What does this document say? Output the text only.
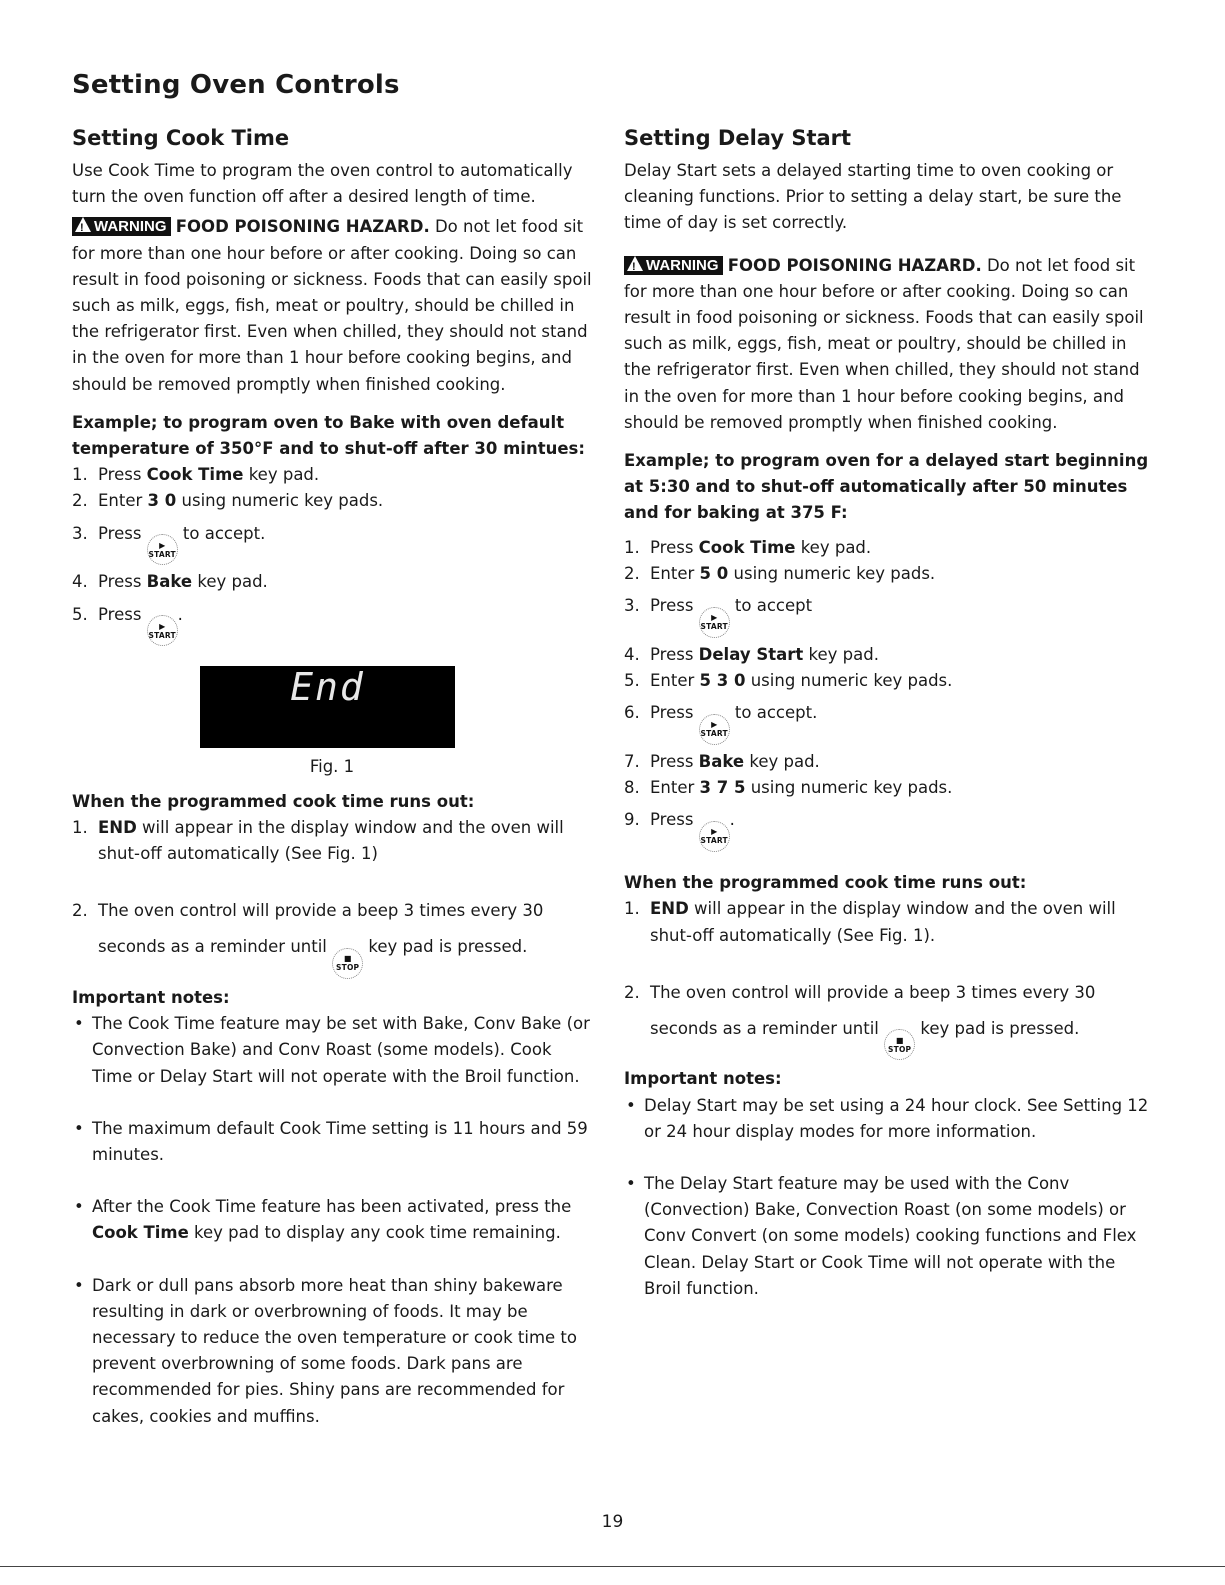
Setting Oven Controls
Setting Cook Time

Use Cook Time to program the oven control to automatically turn the oven function off after a desired length of time.

!WARNING FOOD POISONING HAZARD. Do not let food sit for more than one hour before or after cooking. Doing so can result in food poisoning or sickness. Foods that can easily spoil such as milk, eggs, fish, meat or poultry, should be chilled in the refrigerator first. Even when chilled, they should not stand in the oven for more than 1 hour before cooking begins, and should be removed promptly when finished cooking.

Example; to program oven to Bake with oven default temperature of 350°F and to shut-off after 30 mintues:

1. Press Cook Time key pad.
2. Enter 3 0 using numeric key pads.
3. Press
▶
START
to accept.
4. Press Bake key pad.
5. Press
▶
START
.
End

Fig. 1

When the programmed cook time runs out:

1. END will appear in the display window and the oven will shut-off automatically (See Fig. 1)
2. The oven control will provide a beep 3 times every 30 seconds as a reminder until
■
STOP
key pad is pressed.

Important notes:

• The Cook Time feature may be set with Bake, Conv Bake (or Convection Bake) and Conv Roast (some models). Cook Time or Delay Start will not operate with the Broil function.
• The maximum default Cook Time setting is 11 hours and 59 minutes.
• After the Cook Time feature has been activated, press the Cook Time key pad to display any cook time remaining.
• Dark or dull pans absorb more heat than shiny bakeware resulting in dark or overbrowning of foods. It may be necessary to reduce the oven temperature or cook time to prevent overbrowning of some foods. Dark pans are recommended for pies. Shiny pans are recommended for cakes, cookies and muffins.
Setting Delay Start

Delay Start sets a delayed starting time to oven cooking or cleaning functions. Prior to setting a delay start, be sure the time of day is set correctly.

!WARNING FOOD POISONING HAZARD. Do not let food sit for more than one hour before or after cooking. Doing so can result in food poisoning or sickness. Foods that can easily spoil such as milk, eggs, fish, meat or poultry, should be chilled in the refrigerator first. Even when chilled, they should not stand in the oven for more than 1 hour before cooking begins, and should be removed promptly when finished cooking.

Example; to program oven for a delayed start beginning at 5:30 and to shut-off automatically after 50 minutes and for baking at 375 F:

1. Press Cook Time key pad.
2. Enter 5 0 using numeric key pads.
3. Press
▶
START
to accept
4. Press Delay Start key pad.
5. Enter 5 3 0 using numeric key pads.
6. Press
▶
START
to accept.
7. Press Bake key pad.
8. Enter 3 7 5 using numeric key pads.
9. Press
▶
START
.

When the programmed cook time runs out:

1. END will appear in the display window and the oven will shut-off automatically (See Fig. 1).
2. The oven control will provide a beep 3 times every 30 seconds as a reminder until
■
STOP
key pad is pressed.

Important notes:

• Delay Start may be set using a 24 hour clock. See Setting 12 or 24 hour display modes for more information.
• The Delay Start feature may be used with the Conv (Convection) Bake, Convection Roast (on some models) or Conv Convert (on some models) cooking functions and Flex Clean. Delay Start or Cook Time will not operate with the Broil function.
19
